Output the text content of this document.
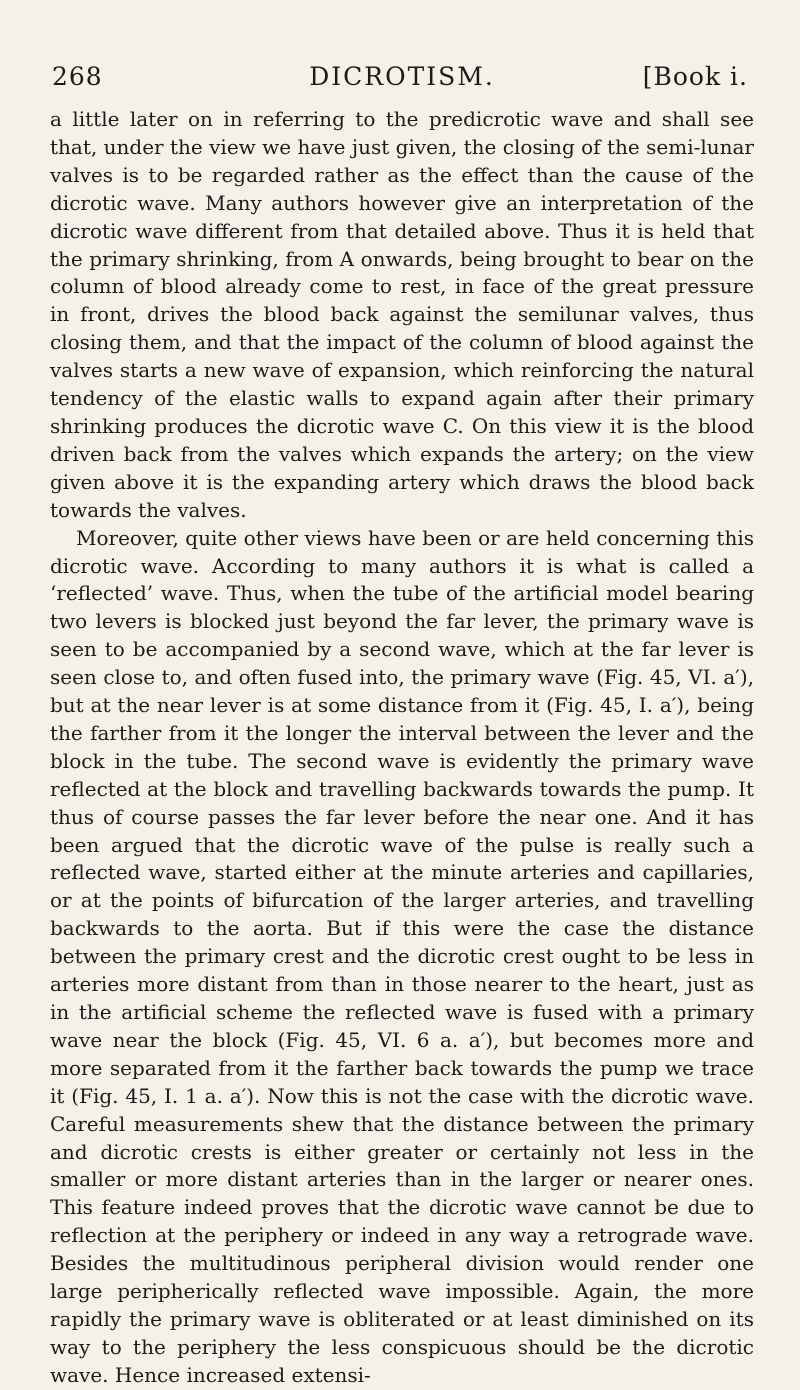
268	DICROTISM.	[Book i.

a little later on in referring to the predicrotic wave and shall see that, under the view we have just given, the closing of the semi-lunar valves is to be regarded rather as the effect than the cause of the dicrotic wave. Many authors however give an interpretation of the dicrotic wave different from that detailed above. Thus it is held that the primary shrinking, from A onwards, being brought to bear on the column of blood already come to rest, in face of the great pressure in front, drives the blood back against the semilunar valves, thus closing them, and that the impact of the column of blood against the valves starts a new wave of expansion, which reinforcing the natural tendency of the elastic walls to expand again after their primary shrinking produces the dicrotic wave C. On this view it is the blood driven back from the valves which expands the artery; on the view given above it is the expanding artery which draws the blood back towards the valves.

Moreover, quite other views have been or are held concerning this dicrotic wave. According to many authors it is what is called a ‘reflected’ wave. Thus, when the tube of the artificial model bearing two levers is blocked just beyond the far lever, the primary wave is seen to be accompanied by a second wave, which at the far lever is seen close to, and often fused into, the primary wave (Fig. 45, VI. a′), but at the near lever is at some distance from it (Fig. 45, I. a′), being the farther from it the longer the interval between the lever and the block in the tube. The second wave is evidently the primary wave reflected at the block and travelling backwards towards the pump. It thus of course passes the far lever before the near one. And it has been argued that the dicrotic wave of the pulse is really such a reflected wave, started either at the minute arteries and capillaries, or at the points of bifurcation of the larger arteries, and travelling backwards to the aorta. But if this were the case the distance between the primary crest and the dicrotic crest ought to be less in arteries more distant from than in those nearer to the heart, just as in the artificial scheme the reflected wave is fused with a primary wave near the block (Fig. 45, VI. 6 a. a′), but becomes more and more separated from it the farther back towards the pump we trace it (Fig. 45, I. 1 a. a′). Now this is not the case with the dicrotic wave. Careful measurements shew that the distance between the primary and dicrotic crests is either greater or certainly not less in the smaller or more distant arteries than in the larger or nearer ones. This feature indeed proves that the dicrotic wave cannot be due to reflection at the periphery or indeed in any way a retrograde wave. Besides the multitudinous peripheral division would render one large peripherically reflected wave impossible. Again, the more rapidly the primary wave is obliterated or at least diminished on its way to the periphery the less conspicuous should be the dicrotic wave. Hence increased extensi-
